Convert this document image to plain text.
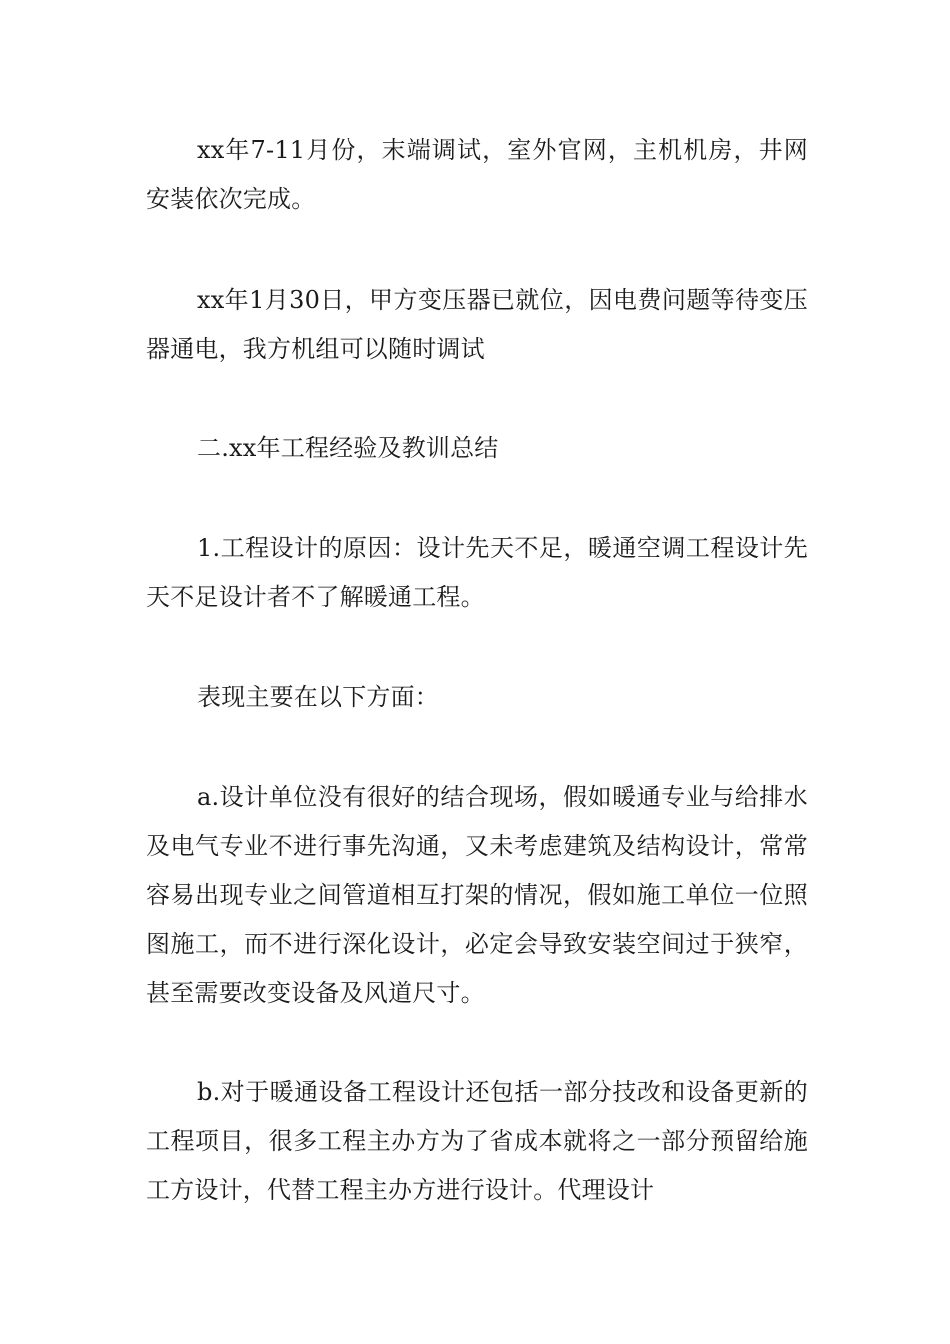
xx年7-11月份，末端调试，室外官网，主机机房，井网安装依次完成。

xx年1月30日，甲方变压器已就位，因电费问题等待变压器通电，我方机组可以随时调试

二.xx年工程经验及教训总结

1.工程设计的原因：设计先天不足，暖通空调工程设计先天不足设计者不了解暖通工程。

表现主要在以下方面：

a.设计单位没有很好的结合现场，假如暖通专业与给排水及电气专业不进行事先沟通，又未考虑建筑及结构设计，常常容易出现专业之间管道相互打架的情况，假如施工单位一位照图施工，而不进行深化设计，必定会导致安装空间过于狭窄，甚至需要改变设备及风道尺寸。

b.对于暖通设备工程设计还包括一部分技改和设备更新的工程项目，很多工程主办方为了省成本就将之一部分预留给施工方设计，代替工程主办方进行设计。代理设计
